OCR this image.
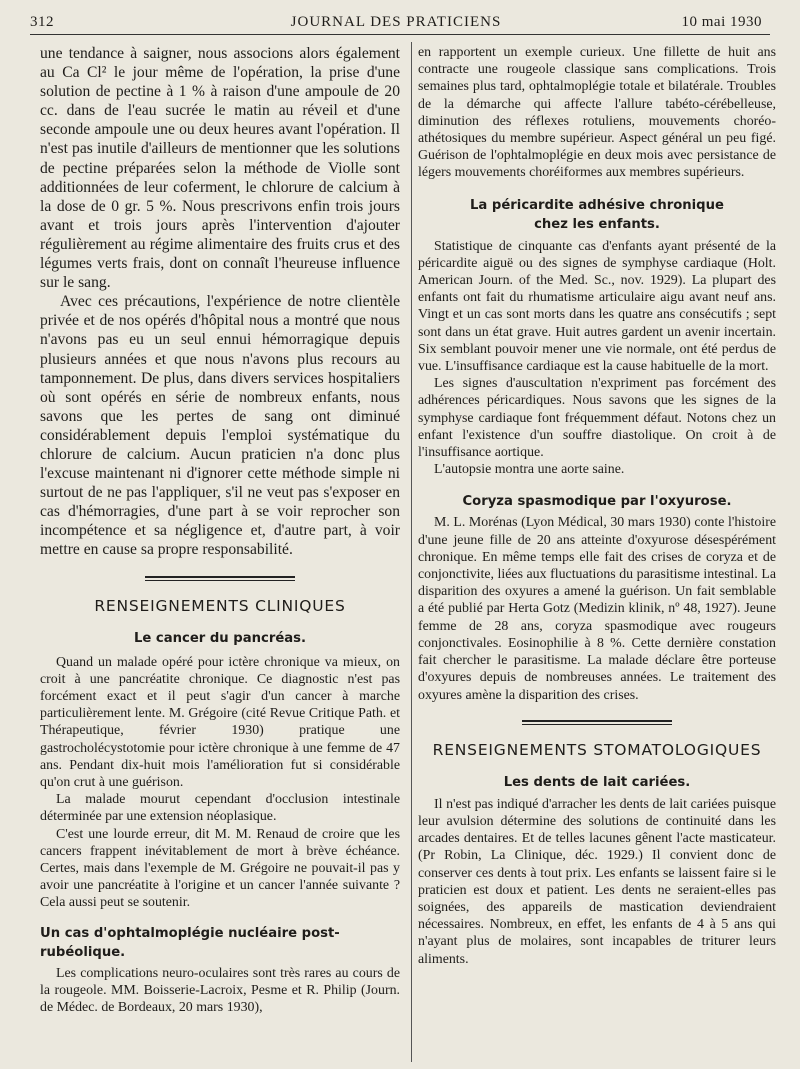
312	JOURNAL DES PRATICIENS	10 mai 1930

une tendance à saigner, nous associons alors également au Ca Cl² le jour même de l'opération, la prise d'une solution de pectine à 1 % à raison d'une ampoule de 20 cc. dans de l'eau sucrée le matin au réveil et d'une seconde ampoule une ou deux heures avant l'opération. Il n'est pas inutile d'ailleurs de mentionner que les solutions de pectine préparées selon la méthode de Violle sont additionnées de leur coferment, le chlorure de calcium à la dose de 0 gr. 5 %. Nous prescrivons enfin trois jours avant et trois jours après l'intervention d'ajouter régulièrement au régime alimentaire des fruits crus et des légumes verts frais, dont on connaît l'heureuse influence sur le sang.

Avec ces précautions, l'expérience de notre clientèle privée et de nos opérés d'hôpital nous a montré que nous n'avons pas eu un seul ennui hémorragique depuis plusieurs années et que nous n'avons plus recours au tamponnement. De plus, dans divers services hospitaliers où sont opérés en série de nombreux enfants, nous savons que les pertes de sang ont diminué considérablement depuis l'emploi systématique du chlorure de calcium. Aucun praticien n'a donc plus l'excuse maintenant ni d'ignorer cette méthode simple ni surtout de ne pas l'appliquer, s'il ne veut pas s'exposer en cas d'hémorragies, d'une part à se voir reprocher son incompétence et sa négligence et, d'autre part, à voir mettre en cause sa propre responsabilité.

RENSEIGNEMENTS CLINIQUES

Le cancer du pancréas.

Quand un malade opéré pour ictère chronique va mieux, on croit à une pancréatite chronique. Ce diagnostic n'est pas forcément exact et il peut s'agir d'un cancer à marche particulièrement lente. M. Grégoire (cité Revue Critique Path. et Thérapeutique, février 1930) pratique une gastrocholécystotomie pour ictère chronique à une femme de 47 ans. Pendant dix-huit mois l'amélioration fut si considérable qu'on crut à une guérison.

La malade mourut cependant d'occlusion intestinale déterminée par une extension néoplasique.

C'est une lourde erreur, dit M. M. Renaud de croire que les cancers frappent inévitablement de mort à brève échéance. Certes, mais dans l'exemple de M. Grégoire ne pouvait-il pas y avoir une pancréatite à l'origine et un cancer l'année suivante ? Cela aussi peut se soutenir.

Un cas d'ophtalmoplégie nucléaire post-rubéolique.

Les complications neuro-oculaires sont très rares au cours de la rougeole. MM. Boisserie-Lacroix, Pesme et R. Philip (Journ. de Médec. de Bordeaux, 20 mars 1930),

en rapportent un exemple curieux. Une fillette de huit ans contracte une rougeole classique sans complications. Trois semaines plus tard, ophtalmoplégie totale et bilatérale. Troubles de la démarche qui affecte l'allure tabéto-cérébelleuse, diminution des réflexes rotuliens, mouvements choréo-athétosiques du membre supérieur. Aspect général un peu figé. Guérison de l'ophtalmoplégie en deux mois avec persistance de légers mouvements choréiformes aux membres supérieurs.

La péricardite adhésive chronique

chez les enfants.

Statistique de cinquante cas d'enfants ayant présenté de la péricardite aiguë ou des signes de symphyse cardiaque (Holt. American Journ. of the Med. Sc., nov. 1929). La plupart des enfants ont fait du rhumatisme articulaire aigu avant neuf ans. Vingt et un cas sont morts dans les quatre ans consécutifs ; sept sont dans un état grave. Huit autres gardent un avenir incertain. Six semblant pouvoir mener une vie normale, ont été perdus de vue. L'insuffisance cardiaque est la cause habituelle de la mort.

Les signes d'auscultation n'expriment pas forcément des adhérences péricardiques. Nous savons que les signes de la symphyse cardiaque font fréquemment défaut. Notons chez un enfant l'existence d'un souffre diastolique. On croit à de l'insuffisance aortique.

L'autopsie montra une aorte saine.

Coryza spasmodique par l'oxyurose.

M. L. Morénas (Lyon Médical, 30 mars 1930) conte l'histoire d'une jeune fille de 20 ans atteinte d'oxyurose désespérément chronique. En même temps elle fait des crises de coryza et de conjonctivite, liées aux fluctuations du parasitisme intestinal. La disparition des oxyures a amené la guérison. Un fait semblable a été publié par Herta Gotz (Medizin klinik, nº 48, 1927). Jeune femme de 28 ans, coryza spasmodique avec rougeurs conjonctivales. Eosinophilie à 8 %. Cette dernière constation fait chercher le parasitisme. La malade déclare être porteuse d'oxyures depuis de nombreuses années. Le traitement des oxyures amène la disparition des crises.

RENSEIGNEMENTS STOMATOLOGIQUES

Les dents de lait cariées.

Il n'est pas indiqué d'arracher les dents de lait cariées puisque leur avulsion détermine des solutions de continuité dans les arcades dentaires. Et de telles lacunes gênent l'acte masticateur. (Pr Robin, La Clinique, déc. 1929.) Il convient donc de conserver ces dents à tout prix. Les enfants se laissent faire si le praticien est doux et patient. Les dents ne seraient-elles pas soignées, des appareils de mastication deviendraient nécessaires. Nombreux, en effet, les enfants de 4 à 5 ans qui n'ayant plus de molaires, sont incapables de triturer leurs aliments.
